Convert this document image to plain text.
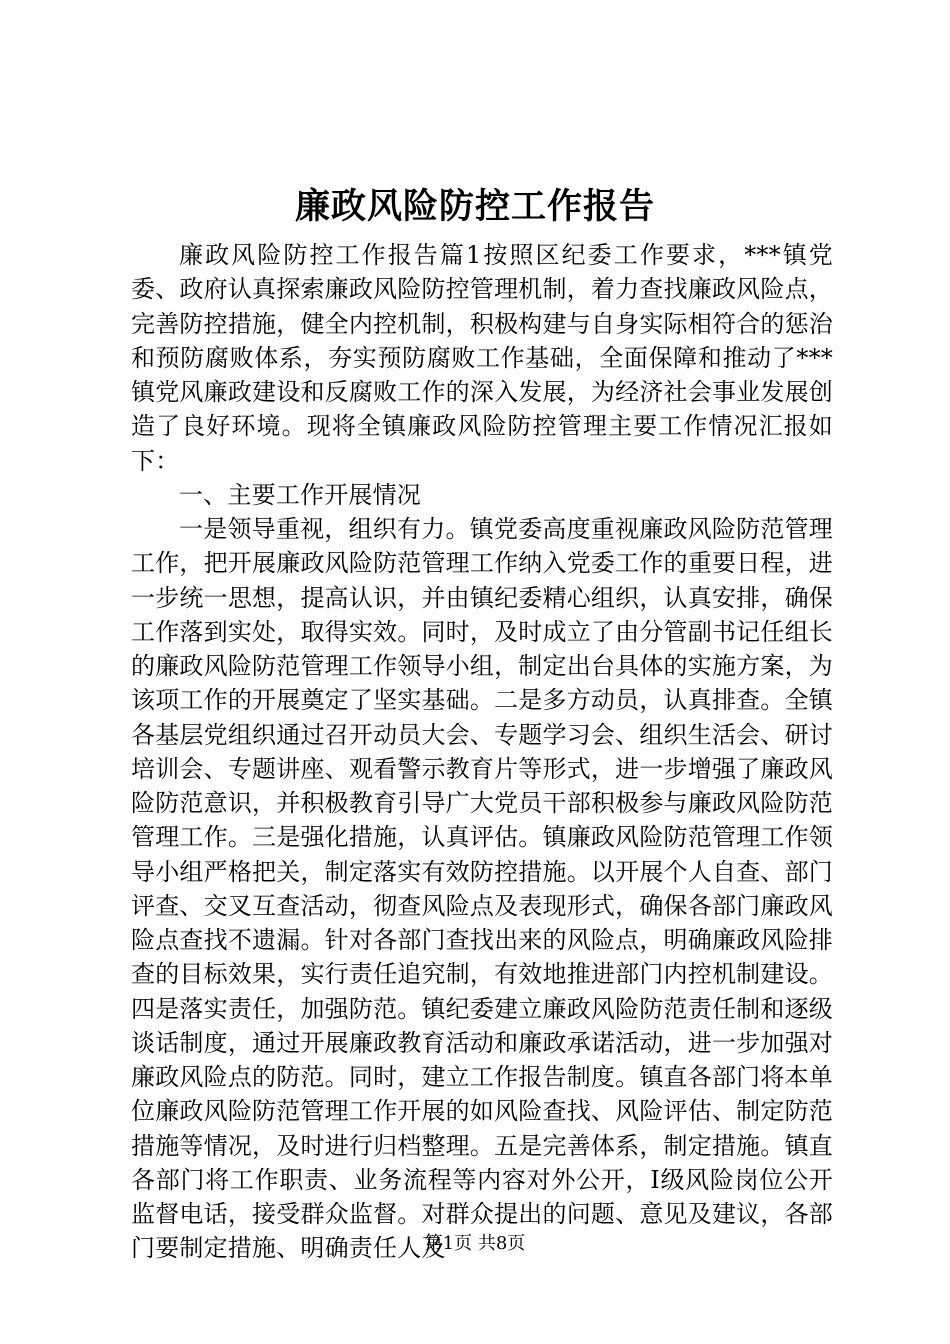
廉政风险防控工作报告

廉政风险防控工作报告篇1按照区纪委工作要求，***镇党委、政府认真探索廉政风险防控管理机制，着力查找廉政风险点，完善防控措施，健全内控机制，积极构建与自身实际相符合的惩治和预防腐败体系，夯实预防腐败工作基础，全面保障和推动了***镇党风廉政建设和反腐败工作的深入发展，为经济社会事业发展创造了良好环境。现将全镇廉政风险防控管理主要工作情况汇报如下：

一、主要工作开展情况

一是领导重视，组织有力。镇党委高度重视廉政风险防范管理工作，把开展廉政风险防范管理工作纳入党委工作的重要日程，进一步统一思想，提高认识，并由镇纪委精心组织，认真安排，确保工作落到实处，取得实效。同时，及时成立了由分管副书记任组长的廉政风险防范管理工作领导小组，制定出台具体的实施方案，为该项工作的开展奠定了坚实基础。二是多方动员，认真排查。全镇各基层党组织通过召开动员大会、专题学习会、组织生活会、研讨培训会、专题讲座、观看警示教育片等形式，进一步增强了廉政风险防范意识，并积极教育引导广大党员干部积极参与廉政风险防范管理工作。三是强化措施，认真评估。镇廉政风险防范管理工作领导小组严格把关，制定落实有效防控措施。以开展个人自查、部门评查、交叉互查活动，彻查风险点及表现形式，确保各部门廉政风险点查找不遗漏。针对各部门查找出来的风险点，明确廉政风险排查的目标效果，实行责任追究制，有效地推进部门内控机制建设。四是落实责任，加强防范。镇纪委建立廉政风险防范责任制和逐级谈话制度，通过开展廉政教育活动和廉政承诺活动，进一步加强对廉政风险点的防范。同时，建立工作报告制度。镇直各部门将本单位廉政风险防范管理工作开展的如风险查找、风险评估、制定防范措施等情况，及时进行归档整理。五是完善体系，制定措施。镇直各部门将工作职责、业务流程等内容对外公开，Ⅰ级风险岗位公开监督电话，接受群众监督。对群众提出的问题、意见及建议，各部门要制定措施、明确责任人及

第1页 共8页
